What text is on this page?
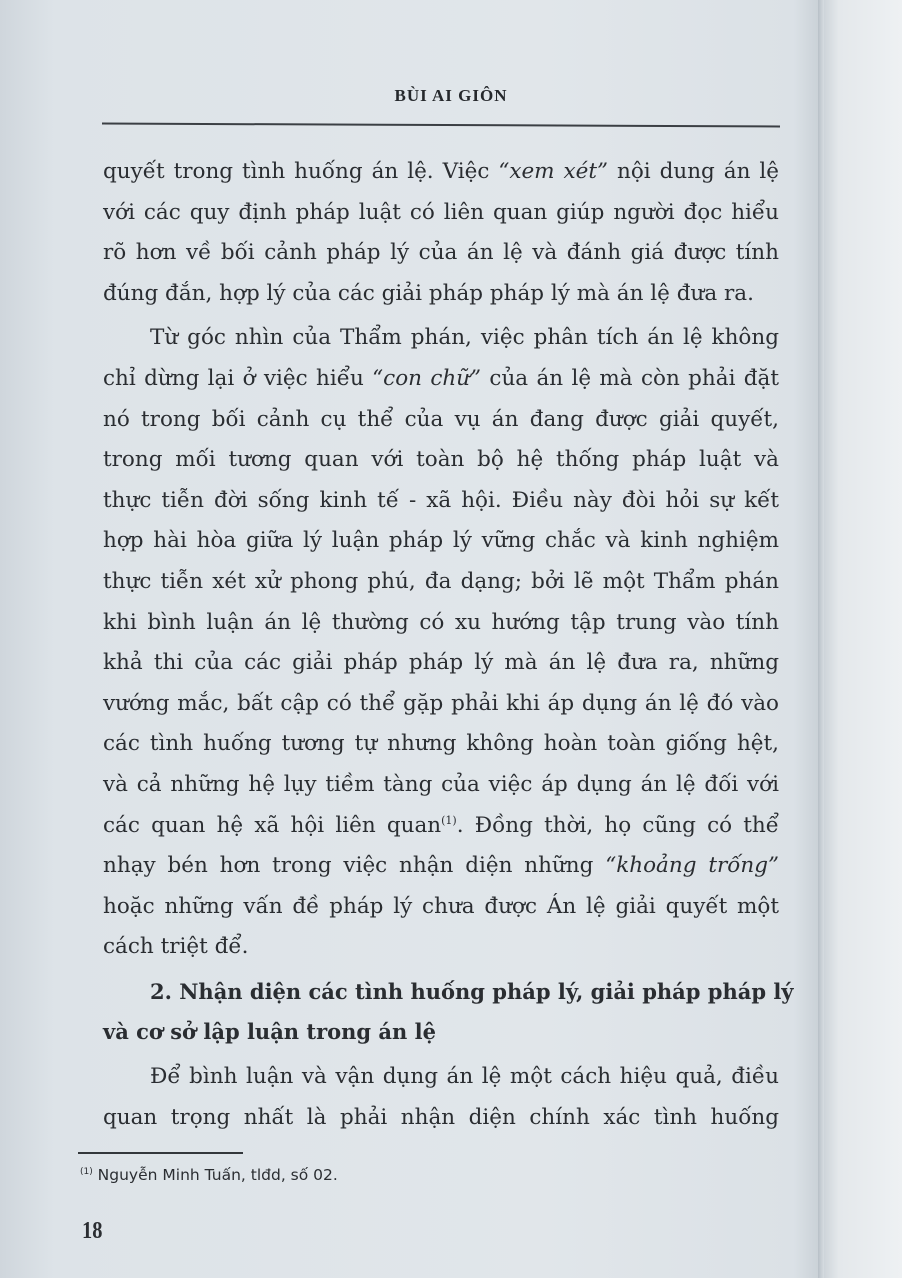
BÙI AI GIÔN
quyết trong tình huống án lệ. Việc “xem xét” nội dung án lệ
với các quy định pháp luật có liên quan giúp người đọc hiểu
rõ hơn về bối cảnh pháp lý của án lệ và đánh giá được tính
đúng đắn, hợp lý của các giải pháp pháp lý mà án lệ đưa ra.
Từ góc nhìn của Thẩm phán, việc phân tích án lệ không
chỉ dừng lại ở việc hiểu “con chữ” của án lệ mà còn phải đặt
nó trong bối cảnh cụ thể của vụ án đang được giải quyết,
trong mối tương quan với toàn bộ hệ thống pháp luật và
thực tiễn đời sống kinh tế - xã hội. Điều này đòi hỏi sự kết
hợp hài hòa giữa lý luận pháp lý vững chắc và kinh nghiệm
thực tiễn xét xử phong phú, đa dạng; bởi lẽ một Thẩm phán
khi bình luận án lệ thường có xu hướng tập trung vào tính
khả thi của các giải pháp pháp lý mà án lệ đưa ra, những
vướng mắc, bất cập có thể gặp phải khi áp dụng án lệ đó vào
các tình huống tương tự nhưng không hoàn toàn giống hệt,
và cả những hệ lụy tiềm tàng của việc áp dụng án lệ đối với
các quan hệ xã hội liên quan$^{(1)}$. Đồng thời, họ cũng có thể
nhạy bén hơn trong việc nhận diện những “khoảng trống”
hoặc những vấn đề pháp lý chưa được Án lệ giải quyết một
cách triệt để.
2. Nhận diện các tình huống pháp lý, giải pháp pháp lý
và cơ sở lập luận trong án lệ
Để bình luận và vận dụng án lệ một cách hiệu quả, điều
quan trọng nhất là phải nhận diện chính xác tình huống
$^{(1)}$ Nguyễn Minh Tuấn, tlđd, số 02.
18
